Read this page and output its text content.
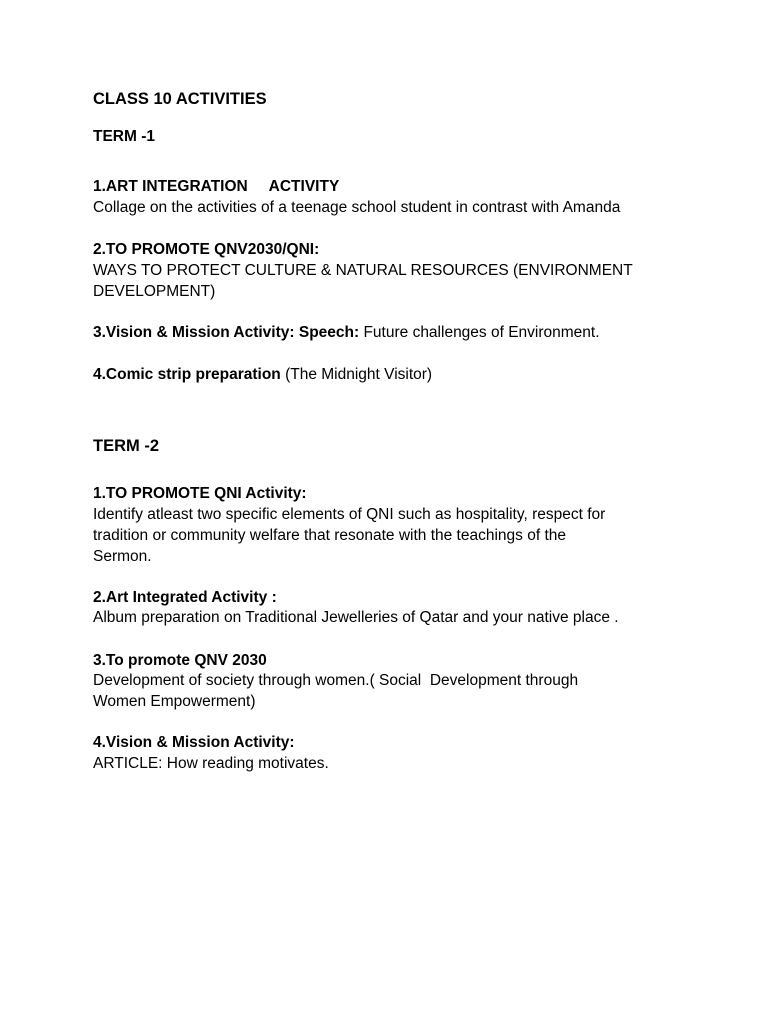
CLASS 10 ACTIVITIES
TERM -1
1.ART INTEGRATION     ACTIVITY
Collage on the activities of a teenage school student in contrast with Amanda
2.TO PROMOTE QNV2030/QNI:
WAYS TO PROTECT CULTURE & NATURAL RESOURCES (ENVIRONMENT
DEVELOPMENT)
3.Vision & Mission Activity: Speech: Future challenges of Environment.
4.Comic strip preparation (The Midnight Visitor)
TERM -2
1.TO PROMOTE QNI Activity:
Identify atleast two specific elements of QNI such as hospitality, respect for
tradition or community welfare that resonate with the teachings of the
Sermon.
2.Art Integrated Activity :
Album preparation on Traditional Jewelleries of Qatar and your native place .
3.To promote QNV 2030
Development of society through women.( Social  Development through
Women Empowerment)
4.Vision & Mission Activity:
ARTICLE: How reading motivates.
